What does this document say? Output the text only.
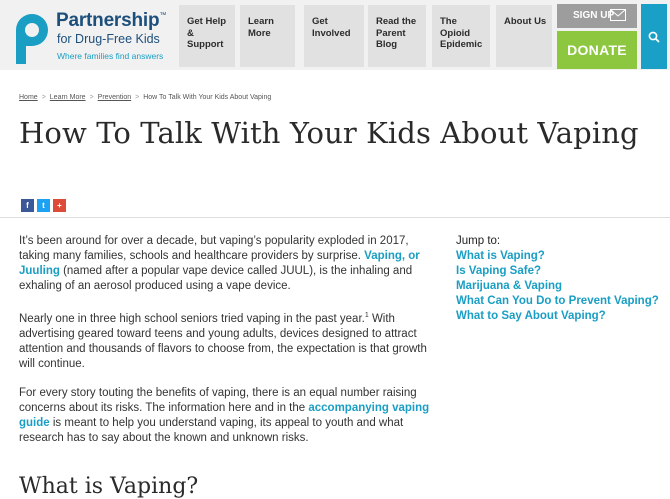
Partnership™
for Drug-Free Kids
Where families find answers
Get Help
&
Support
Learn
More
Get
Involved
Read the
Parent
Blog
The
Opioid
Epidemic
About Us
SIGN UP
DONATE
Home > Learn More > Prevention > How To Talk With Your Kids About Vaping
How To Talk With Your Kids About Vaping
f	t	+

It’s been around for over a decade, but vaping’s popularity exploded in 2017, taking many families, schools and healthcare providers by surprise. Vaping, or Juuling (named after a popular vape device called JUUL), is the inhaling and exhaling of an aerosol produced using a vape device.

Nearly one in three high school seniors tried vaping in the past year.$^1$ With advertising geared toward teens and young adults, devices designed to attract attention and thousands of flavors to choose from, the expectation is that growth will continue.

For every story touting the benefits of vaping, there is an equal number raising concerns about its risks. The information here and in the accompanying vaping guide is meant to help you understand vaping, its appeal to youth and what research has to say about the known and unknown risks.

Jump to:
What is Vaping?
Is Vaping Safe?
Marijuana & Vaping
What Can You Do to Prevent Vaping?
What to Say About Vaping?
What is Vaping?
